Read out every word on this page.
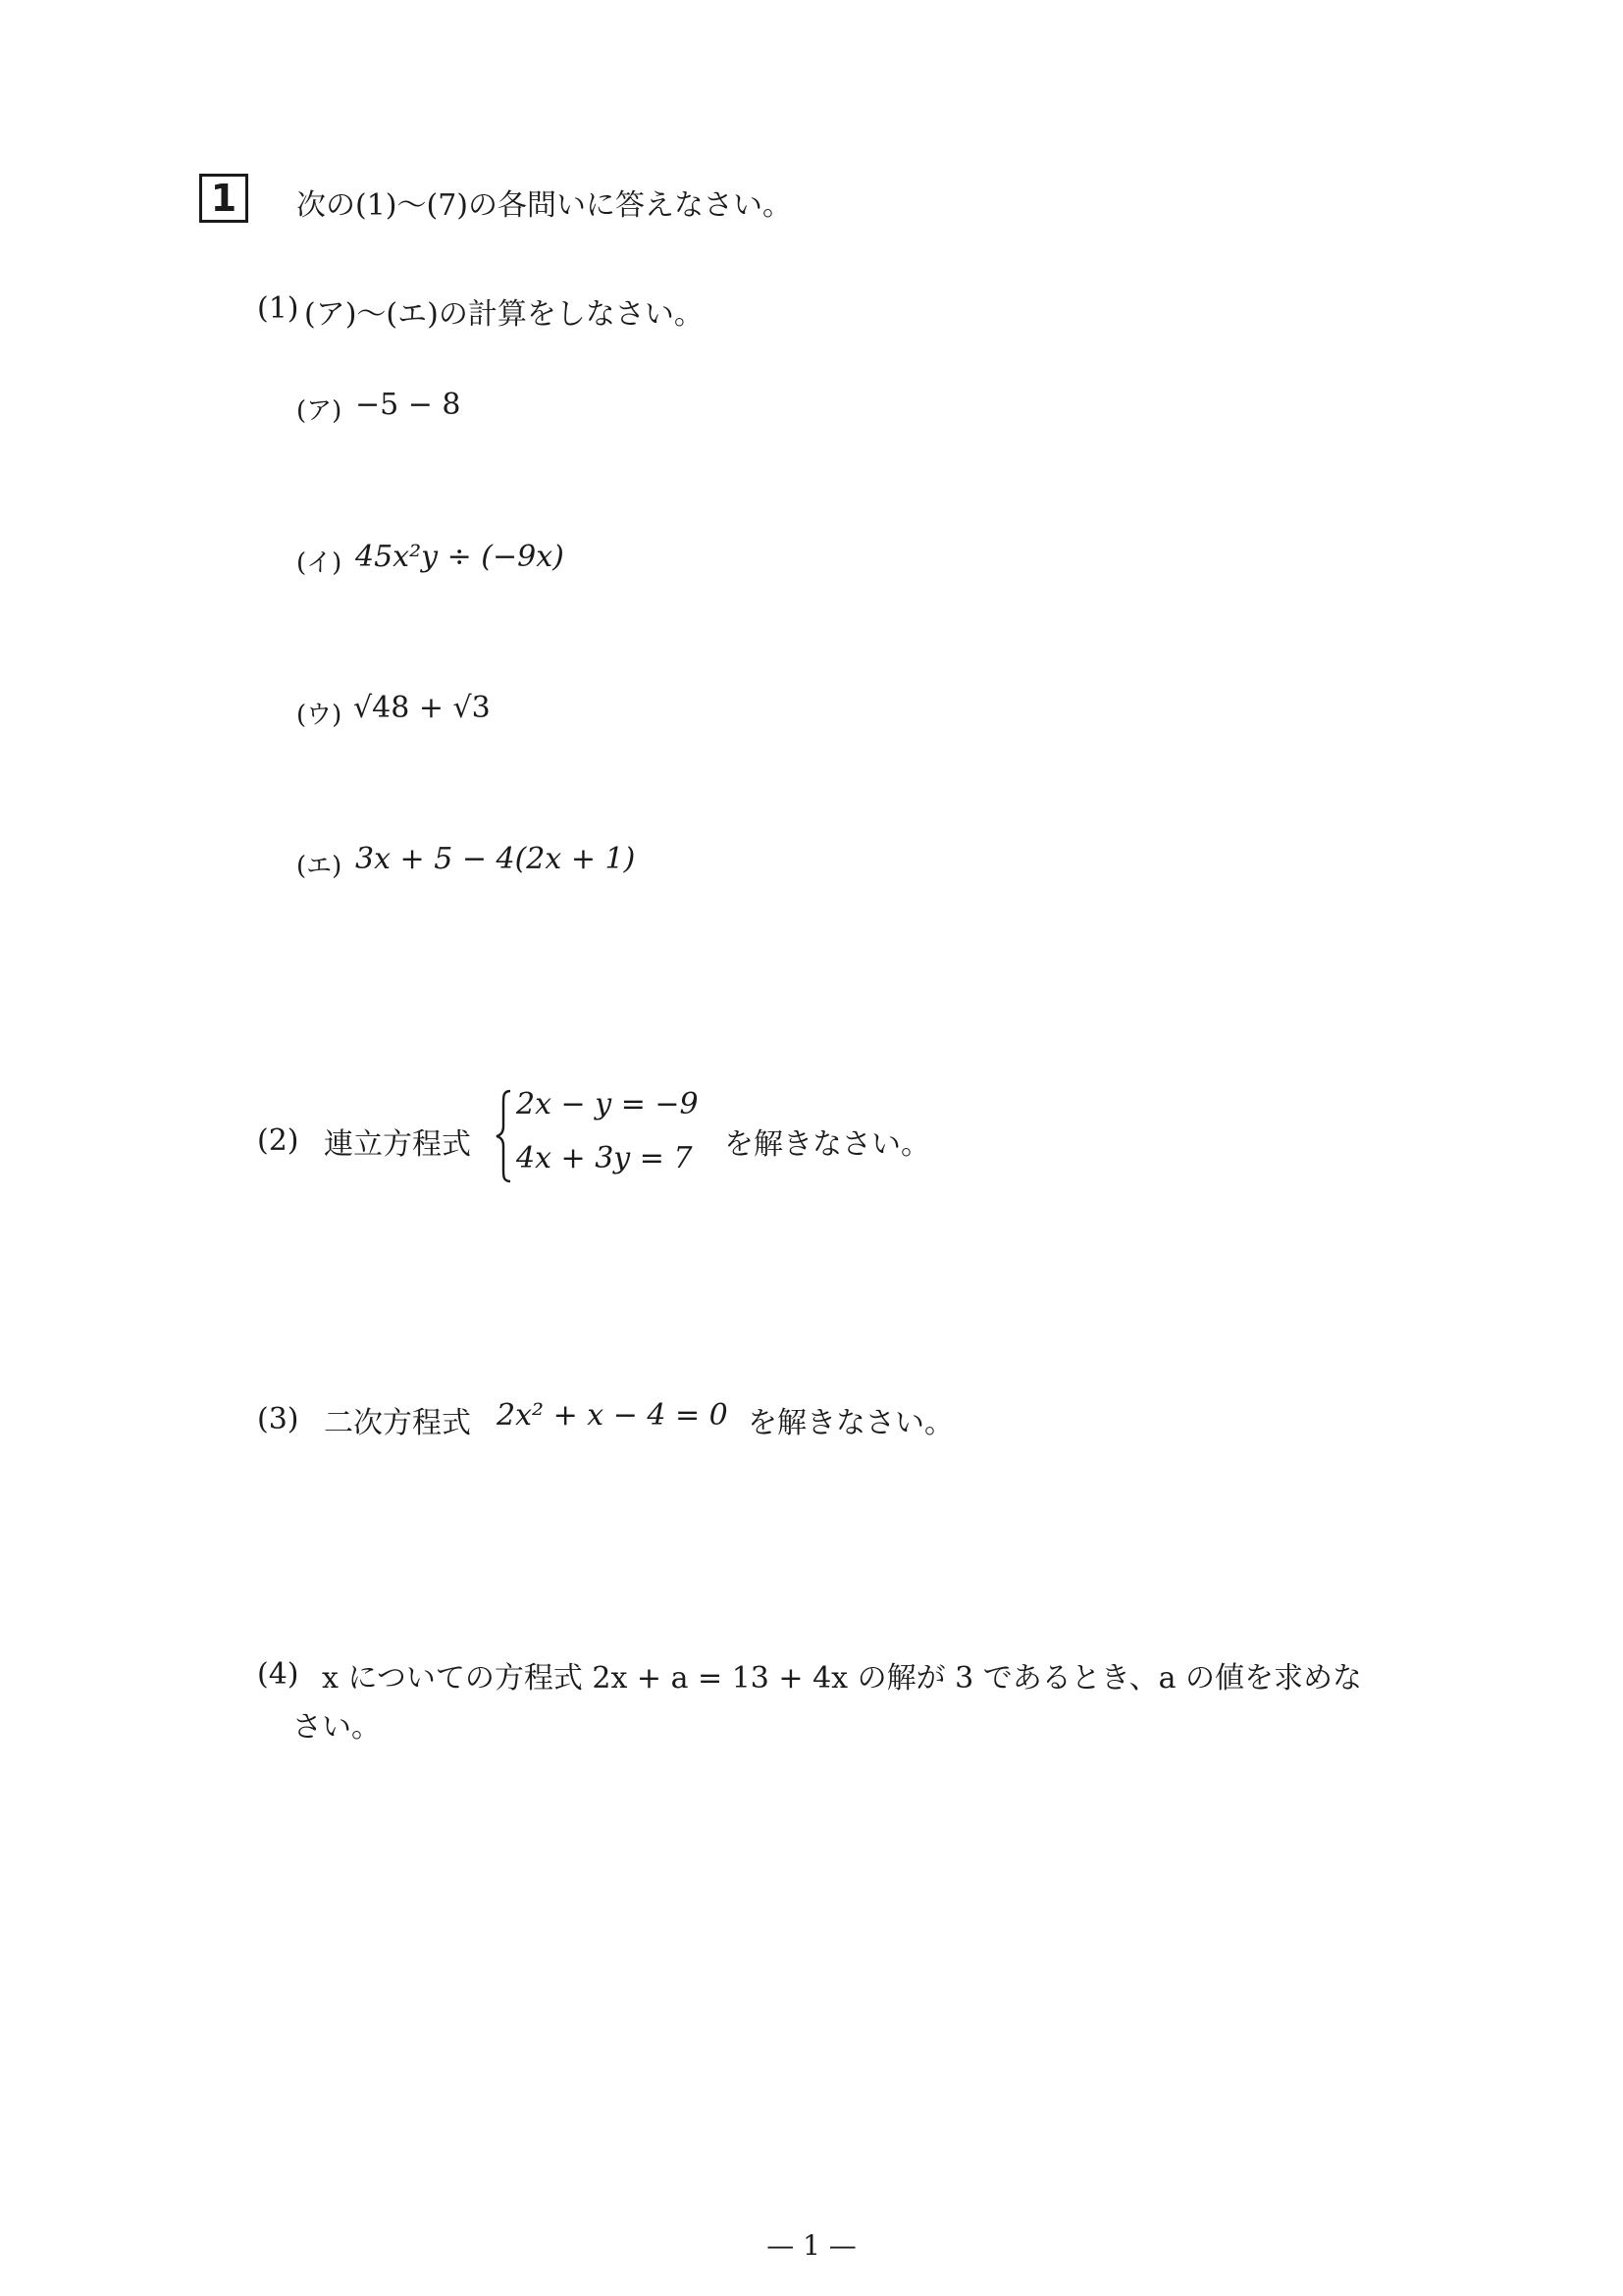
1	次の(1)〜(7)の各問いに答えなさい。
(1) (ア)〜(エ)の計算をしなさい。
(ア) −5 − 8
(イ) 45x²y ÷ (−9x)
(ウ) √48 + √3
(エ) 3x + 5 − 4(2x + 1)
(2) 連立方程式
2x − y = −9
4x + 3y = 7 を解きなさい。
(3) 二次方程式 2x² + x − 4 = 0 を解きなさい。
(4) x についての方程式 2x + a = 13 + 4x の解が 3 であるとき、a の値を求めな
さい。
— 1 —
